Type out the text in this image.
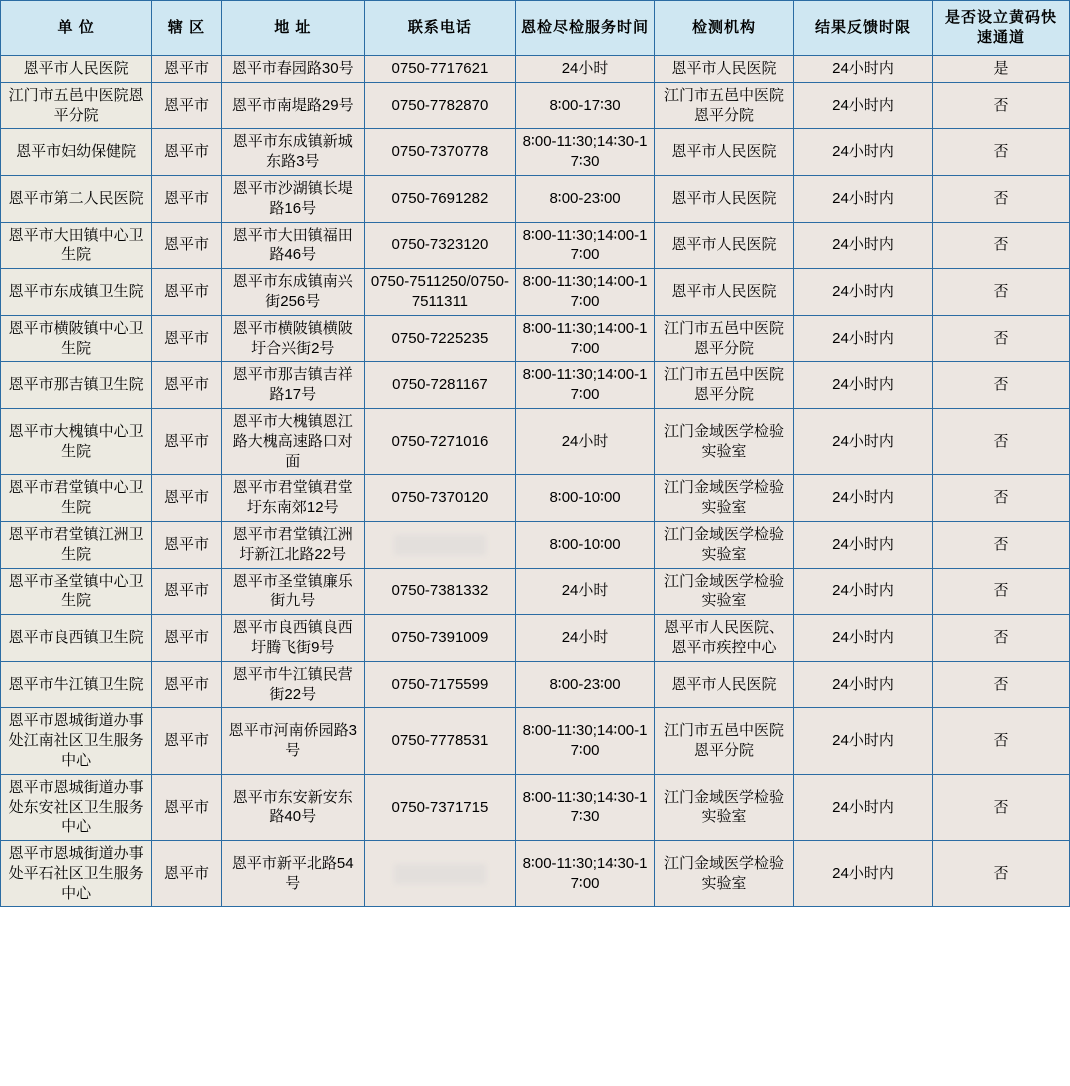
单 位	辖 区	地 址	联系电话	恩检尽检服务时间	检测机构	结果反馈时限	是否设立黄码快速通道
恩平市人民医院	恩平市	恩平市春园路30号	0750-7717621	24小时	恩平市人民医院	24小时内	是
江门市五邑中医院恩平分院	恩平市	恩平市南堤路29号	0750-7782870	8∶00-17∶30	江门市五邑中医院恩平分院	24小时内	否
恩平市妇幼保健院	恩平市	恩平市东成镇新城东路3号	0750-7370778	8∶00-11∶30;14∶30-17∶30	恩平市人民医院	24小时内	否
恩平市第二人民医院	恩平市	恩平市沙湖镇长堤路16号	0750-7691282	8∶00-23∶00	恩平市人民医院	24小时内	否
恩平市大田镇中心卫生院	恩平市	恩平市大田镇福田路46号	0750-7323120	8∶00-11∶30;14∶00-17∶00	恩平市人民医院	24小时内	否
恩平市东成镇卫生院	恩平市	恩平市东成镇南兴街256号	0750-7511250/0750-7511311	8∶00-11∶30;14∶00-17∶00	恩平市人民医院	24小时内	否
恩平市横陂镇中心卫生院	恩平市	恩平市横陂镇横陂圩合兴街2号	0750-7225235	8∶00-11∶30;14∶00-17∶00	江门市五邑中医院恩平分院	24小时内	否
恩平市那吉镇卫生院	恩平市	恩平市那吉镇吉祥路17号	0750-7281167	8∶00-11∶30;14∶00-17∶00	江门市五邑中医院恩平分院	24小时内	否
恩平市大槐镇中心卫生院	恩平市	恩平市大槐镇恩江路大槐高速路口对面	0750-7271016	24小时	江门金域医学检验实验室	24小时内	否
恩平市君堂镇中心卫生院	恩平市	恩平市君堂镇君堂圩东南郊12号	0750-7370120	8∶00-10∶00	江门金域医学检验实验室	24小时内	否
恩平市君堂镇江洲卫生院	恩平市	恩平市君堂镇江洲圩新江北路22号		8∶00-10∶00	江门金域医学检验实验室	24小时内	否
恩平市圣堂镇中心卫生院	恩平市	恩平市圣堂镇廉乐街九号	0750-7381332	24小时	江门金域医学检验实验室	24小时内	否
恩平市良西镇卫生院	恩平市	恩平市良西镇良西圩腾飞街9号	0750-7391009	24小时	恩平市人民医院、恩平市疾控中心	24小时内	否
恩平市牛江镇卫生院	恩平市	恩平市牛江镇民营街22号	0750-7175599	8∶00-23∶00	恩平市人民医院	24小时内	否
恩平市恩城街道办事处江南社区卫生服务中心	恩平市	恩平市河南侨园路3号	0750-7778531	8∶00-11∶30;14∶00-17∶00	江门市五邑中医院恩平分院	24小时内	否
恩平市恩城街道办事处东安社区卫生服务中心	恩平市	恩平市东安新安东路40号	0750-7371715	8∶00-11∶30;14∶30-17∶30	江门金域医学检验实验室	24小时内	否
恩平市恩城街道办事处平石社区卫生服务中心	恩平市	恩平市新平北路54号		8∶00-11∶30;14∶30-17∶00	江门金域医学检验实验室	24小时内	否
